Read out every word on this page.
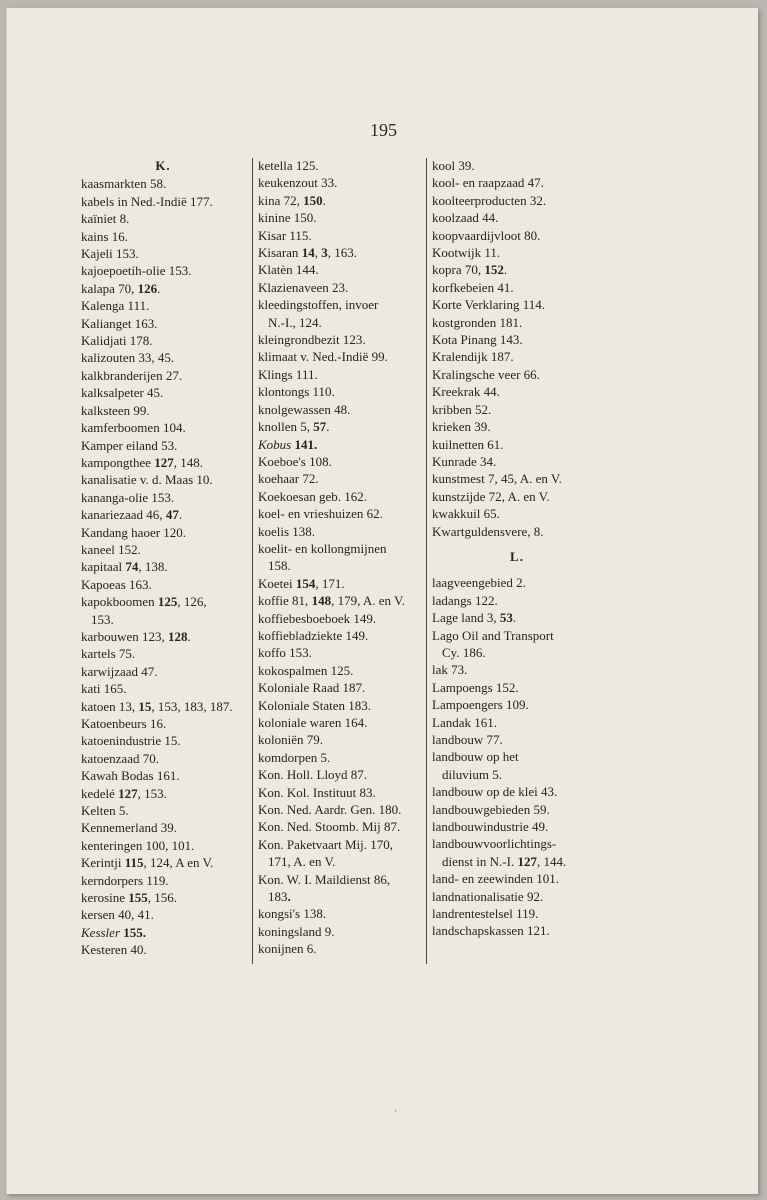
195
K.
kaasmarkten 58.
kabels in Ned.-Indië 177.
kaïniet 8.
kains 16.
Kajeli 153.
kajoepoetih-olie 153.
kalapa 70, 126.
Kalenga 111.
Kalianget 163.
Kalidjati 178.
kalizouten 33, 45.
kalkbranderijen 27.
kalksalpeter 45.
kalksteen 99.
kamferboomen 104.
Kamper eiland 53.
kampongthee 127, 148.
kanalisatie v. d. Maas 10.
kananga-olie 153.
kanariezaad 46, 47.
Kandang haoer 120.
kaneel 152.
kapitaal 74, 138.
Kapoeas 163.
kapokboomen 125, 126,
153.
karbouwen 123, 128.
kartels 75.
karwijzaad 47.
kati 165.
katoen 13, 15, 153, 183, 187.
Katoenbeurs 16.
katoenindustrie 15.
katoenzaad 70.
Kawah Bodas 161.
kedelé 127, 153.
Kelten 5.
Kennemerland 39.
kenteringen 100, 101.
Kerintji 115, 124, A en V.
kerndorpers 119.
kerosine 155, 156.
kersen 40, 41.
Kessler 155.
Kesteren 40.
ketella 125.
keukenzout 33.
kina 72, 150.
kinine 150.
Kisar 115.
Kisaran 14, 3, 163.
Klatèn 144.
Klazienaveen 23.
kleedingstoffen, invoer
N.-I., 124.
kleingrondbezit 123.
klimaat v. Ned.-Indië 99.
Klings 111.
klontongs 110.
knolgewassen 48.
knollen 5, 57.
Kobus 141.
Koeboe's 108.
koehaar 72.
Koekoesan geb. 162.
koel- en vrieshuizen 62.
koelis 138.
koelit- en kollongmijnen
158.
Koetei 154, 171.
koffie 81, 148, 179, A. en V.
koffiebesboeboek 149.
koffiebladziekte 149.
koffo 153.
kokospalmen 125.
Koloniale Raad 187.
Koloniale Staten 183.
koloniale waren 164.
koloniën 79.
komdorpen 5.
Kon. Holl. Lloyd 87.
Kon. Kol. Instituut 83.
Kon. Ned. Aardr. Gen. 180.
Kon. Ned. Stoomb. Mij 87.
Kon. Paketvaart Mij. 170,
171, A. en V.
Kon. W. I. Maildienst 86,
183.
kongsi's 138.
koningsland 9.
konijnen 6.
kool 39.
kool- en raapzaad 47.
koolteerproducten 32.
koolzaad 44.
koopvaardijvloot 80.
Kootwijk 11.
kopra 70, 152.
korfkebeien 41.
Korte Verklaring 114.
kostgronden 181.
Kota Pinang 143.
Kralendijk 187.
Kralingsche veer 66.
Kreekrak 44.
kribben 52.
krieken 39.
kuilnetten 61.
Kunrade 34.
kunstmest 7, 45, A. en V.
kunstzijde 72, A. en V.
kwakkuil 65.
Kwartguldensvere, 8.
L.
laagveengebied 2.
ladangs 122.
Lage land 3, 53.
Lago Oil and Transport
Cy. 186.
lak 73.
Lampoengs 152.
Lampoengers 109.
Landak 161.
landbouw 77.
landbouw op het
diluvium 5.
landbouw op de klei 43.
landbouwgebieden 59.
landbouwindustrie 49.
landbouwvoorlichtings-
dienst in N.-I. 127, 144.
land- en zeewinden 101.
landnationalisatie 92.
landrentestelsel 119.
landschapskassen 121.
·
